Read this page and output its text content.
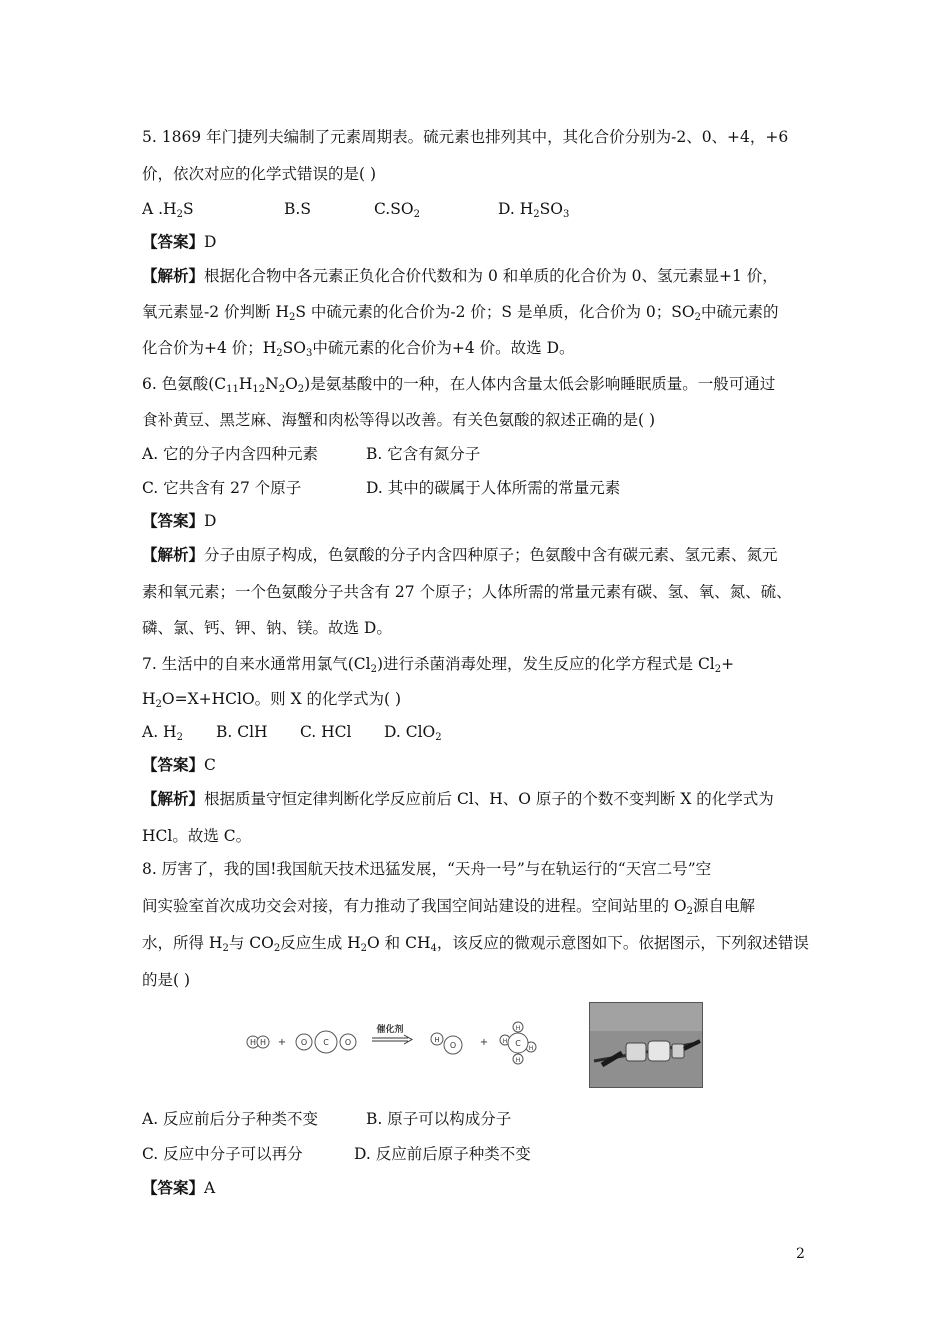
5. 1869 年门捷列夫编制了元素周期表。硫元素也排列其中，其化合价分别为-2、0、+4，+6
价，依次对应的化学式错误的是( )
A $.H_2S$	B.S	$C.SO_2$	D. $H_2SO_3$
【答案】D
【解析】根据化合物中各元素正负化合价代数和为 0 和单质的化合价为 0、氢元素显+1 价，
氧元素显-2 价判断 $H_2S$ 中硫元素的化合价为-2 价；S 是单质，化合价为 0；$SO_2$中硫元素的
化合价为+4 价；$H_2SO_3$中硫元素的化合价为+4 价。故选 D。
6. 色氨酸$(C_{11}H_{12}N_2O_2)$是氨基酸中的一种，在人体内含量太低会影响睡眠质量。一般可通过
食补黄豆、黑芝麻、海蟹和肉松等得以改善。有关色氨酸的叙述正确的是( )
A. 它的分子内含四种元素	B. 它含有氮分子
C. 它共含有 27 个原子	D. 其中的碳属于人体所需的常量元素
【答案】D
【解析】分子由原子构成，色氨酸的分子内含四种原子；色氨酸中含有碳元素、氢元素、氮元
素和氧元素；一个色氨酸分子共含有 27 个原子；人体所需的常量元素有碳、氢、氧、氮、硫、
磷、氯、钙、钾、钠、镁。故选 D。
7. 生活中的自来水通常用氯气$(Cl_2)$进行杀菌消毒处理，发生反应的化学方程式是 $Cl_2+$
$H_2O=X+HClO$。则 X 的化学式为( )
A. $H_2$ B. ClH C. HCl D. ClO$_2$
【答案】C
【解析】根据质量守恒定律判断化学反应前后 Cl、H、O 原子的个数不变判断 X 的化学式为
HCl。故选 C。
8. 厉害了，我的国!我国航天技术迅猛发展，“天舟一号”与在轨运行的“天宫二号”空
间实验室首次成功交会对接，有力推动了我国空间站建设的进程。空间站里的 $O_2$源自电解
水，所得 $H_2$与 $CO_2$反应生成 $H_2O$ 和 $CH_4$，该反应的微观示意图如下。依据图示，下列叙述错误
的是( )
H H + O C O
催化剂
H
O +
H
H
H
H
C
A. 反应前后分子种类不变	B. 原子可以构成分子
C. 反应中分子可以再分	D. 反应前后原子种类不变
【答案】A
2
